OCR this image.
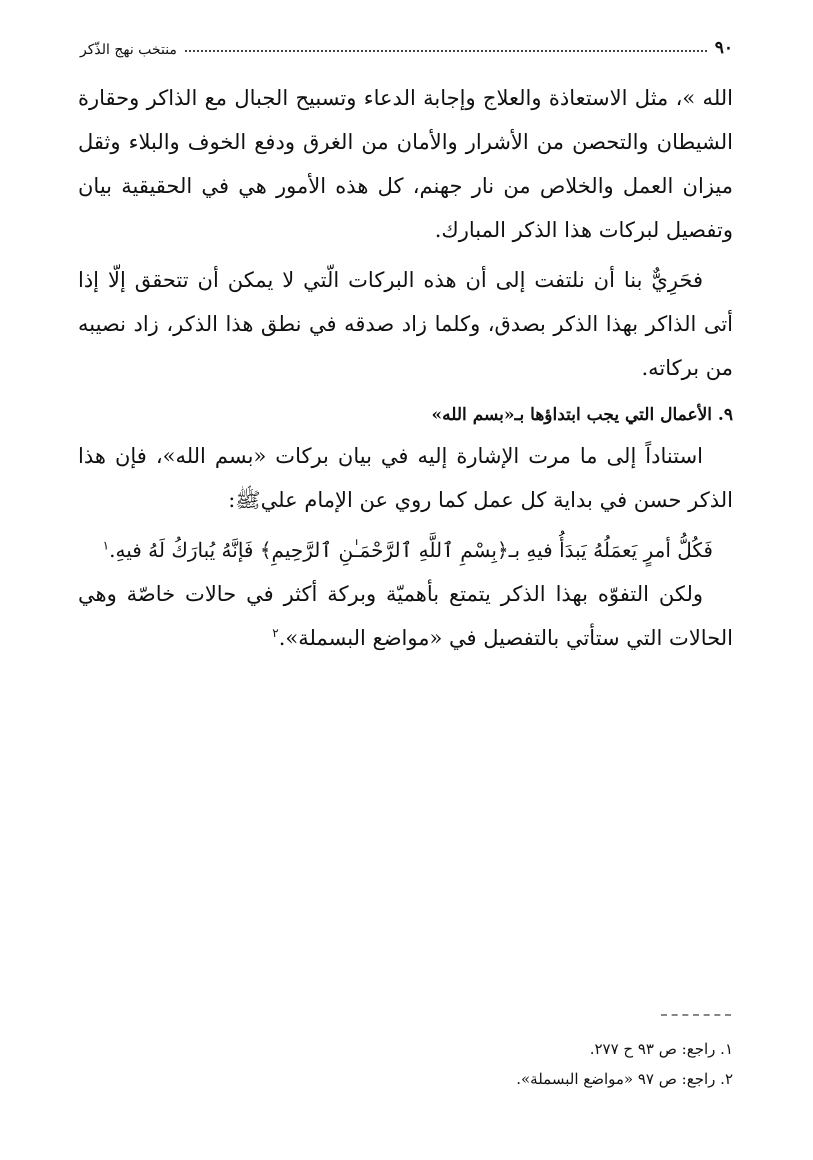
٩٠
منتخب نهج الذّكر

الله »، مثل الاستعاذة والعلاج وإجابة الدعاء وتسبيح الجبال مع الذاكر وحقارة الشيطان والتحصن من الأشرار والأمان من الغرق ودفع الخوف والبلاء وثقل ميزان العمل والخلاص من نار جهنم، كل هذه الأمور هي في الحقيقية بيان وتفصيل لبركات هذا الذكر المبارك.

فحَرِيٌّ بنا أن نلتفت إلى أن هذه البركات الّتي لا يمكن أن تتحقق إلّا إذا أتى الذاكر بهذا الذكر بصدق، وكلما زاد صدقه في نطق هذا الذكر، زاد نصيبه من بركاته.

٩. الأعمال التي يجب ابتداؤها بـ«بسم الله»

استناداً إلى ما مرت الإشارة إليه في بيان بركات «بسم الله»، فإن هذا الذكر حسن في بداية كل عمل كما روي عن الإمام عليﷺ:

فَكُلُّ أمرٍ يَعمَلُهُ يَبدَأُ فيهِ بـ﴿بِسْمِ ٱللَّهِ ٱلرَّحْمَـٰنِ ٱلرَّحِيمِ﴾ فَإنَّهُ يُبارَكُ لَهُ فيهِ.$^١$

ولكن التفوّه بهذا الذكر يتمتع بأهميّة وبركة أكثر في حالات خاصّة وهي الحالات التي ستأتي بالتفصيل في «مواضع البسملة».$^٢$

١. راجع: ص ٩٣ ح ٢٧٧.

٢. راجع: ص ٩٧ «مواضع البسملة».
